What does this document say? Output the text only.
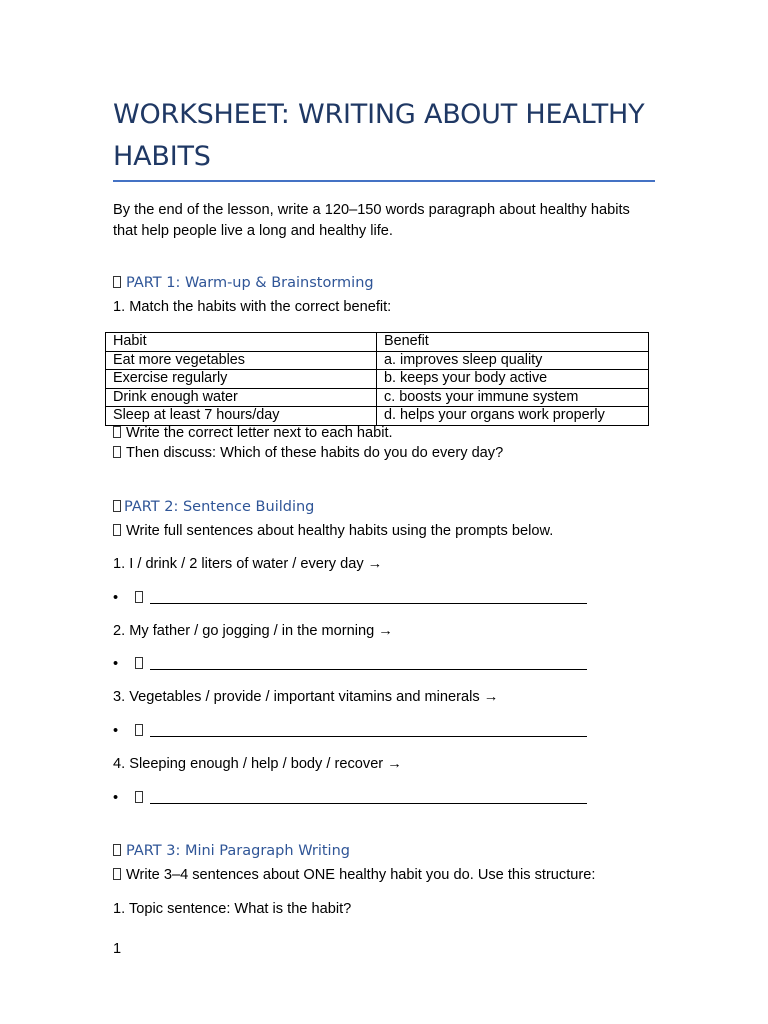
WORKSHEET: WRITING ABOUT HEALTHY HABITS

By the end of the lesson, write a 120–150 words paragraph about healthy habits that help people live a long and healthy life.

PART 1: Warm-up & Brainstorming

1. Match the habits with the correct benefit:

Habit	Benefit
Eat more vegetables	a. improves sleep quality
Exercise regularly	b. keeps your body active
Drink enough water	c. boosts your immune system
Sleep at least 7 hours/day	d. helps your organs work properly

Write the correct letter next to each habit.

Then discuss: Which of these habits do you do every day?

PART 2: Sentence Building

Write full sentences about healthy habits using the prompts below.

1. I / drink / 2 liters of water / every day →

•

2. My father / go jogging / in the morning →

•

3. Vegetables / provide / important vitamins and minerals →

•

4. Sleeping enough / help / body / recover →

•

PART 3: Mini Paragraph Writing

Write 3–4 sentences about ONE healthy habit you do. Use this structure:

1. Topic sentence: What is the habit?

1
